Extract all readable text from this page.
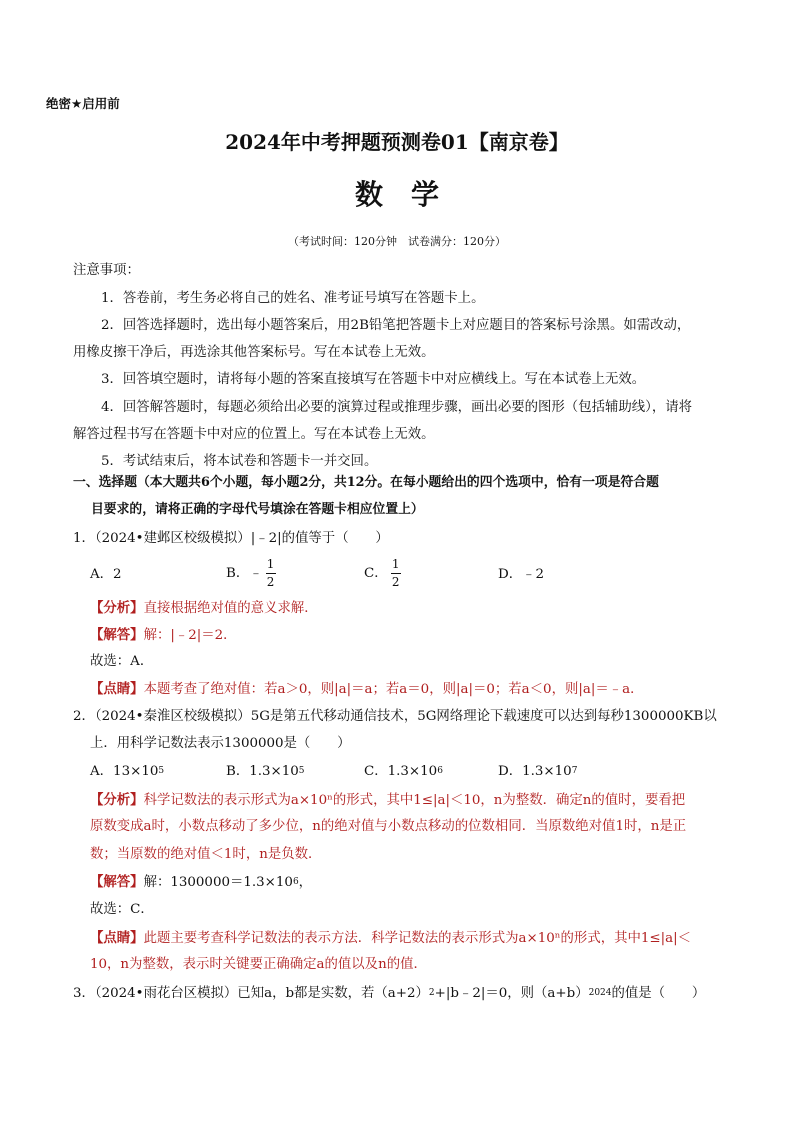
绝密★启用前
2024年中考押题预测卷01【南京卷】
数　学
（考试时间：120分钟　试卷满分：120分）
注意事项：
1．答卷前，考生务必将自己的姓名、准考证号填写在答题卡上。
2．回答选择题时，选出每小题答案后，用2B铅笔把答题卡上对应题目的答案标号涂黑。如需改动，
用橡皮擦干净后，再选涂其他答案标号。写在本试卷上无效。
3．回答填空题时，请将每小题的答案直接填写在答题卡中对应横线上。写在本试卷上无效。
4．回答解答题时，每题必须给出必要的演算过程或推理步骤，画出必要的图形（包括辅助线），请将
解答过程书写在答题卡中对应的位置上。写在本试卷上无效。
5．考试结束后，将本试卷和答题卡一并交回。
一、选择题（本大题共6个小题，每小题2分，共12分。在每小题给出的四个选项中，恰有一项是符合题
目要求的，请将正确的字母代号填涂在答题卡相应位置上）
1．（2024•建邺区校级模拟）|﹣2|的值等于（　　）
A．2	B．﹣ $\frac{1}{2}$	C． $\frac{1}{2}$	D．﹣2
【分析】直接根据绝对值的意义求解．
【解答】解：|﹣2|＝2．
故选：A．
【点睛】本题考查了绝对值：若a＞0，则|a|＝a；若a＝0，则|a|＝0；若a＜0，则|a|＝﹣a．
2．（2024•秦淮区校级模拟）5G是第五代移动通信技术，5G网络理论下载速度可以达到每秒1300000KB以
上．用科学记数法表示1300000是（　　）
A．$13\times 10^5$	B．$1.3\times 10^5$	C．$1.3\times 10^6$	D．$1.3\times 10^7$
【分析】科学记数法的表示形式为a×10ⁿ的形式，其中1≤|a|＜10，n为整数．确定n的值时，要看把
原数变成a时，小数点移动了多少位，n的绝对值与小数点移动的位数相同．当原数绝对值1时，n是正
数；当原数的绝对值＜1时，n是负数．
【解答】解：$1300000=1.3\times 10^6$，
故选：C．
【点睛】此题主要考查科学记数法的表示方法．科学记数法的表示形式为a×10ⁿ的形式，其中1≤|a|＜
10，n为整数，表示时关键要正确确定a的值以及n的值．
3．（2024•雨花台区模拟）已知a，b都是实数，若$(a+2)^2+|b﹣2|=0$，则$(a+b)^{2024}$的值是（　　）
